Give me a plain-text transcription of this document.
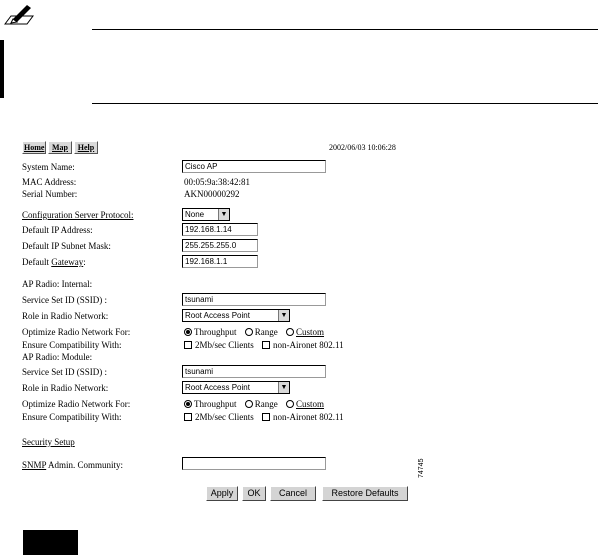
Home Map	Help	2002/06/03 10:06:28
System Name:	Cisco AP
MAC Address:	00:05:9a:38:42:81
Serial Number:	AKN00000292
Configuration Server Protocol:	None	▼
Default IP Address:	192.168.1.14
Default IP Subnet Mask:	255.255.255.0
Default Gateway:	192.168.1.1
AP Radio: Internal:
Service Set ID (SSID) :	tsunami
Role in Radio Network:	Root Access Point	▼
Optimize Radio Network For:	Throughput Range Custom
Ensure Compatibility With:	2Mb/sec Clients non-Aironet 802.11
AP Radio: Module:
Service Set ID (SSID) :	tsunami
Role in Radio Network:	Root Access Point	▼
Optimize Radio Network For:	Throughput Range Custom
Ensure Compatibility With:	2Mb/sec Clients non-Aironet 802.11
Security Setup
SNMP Admin. Community:
Apply	OK	Cancel	Restore Defaults
74745
